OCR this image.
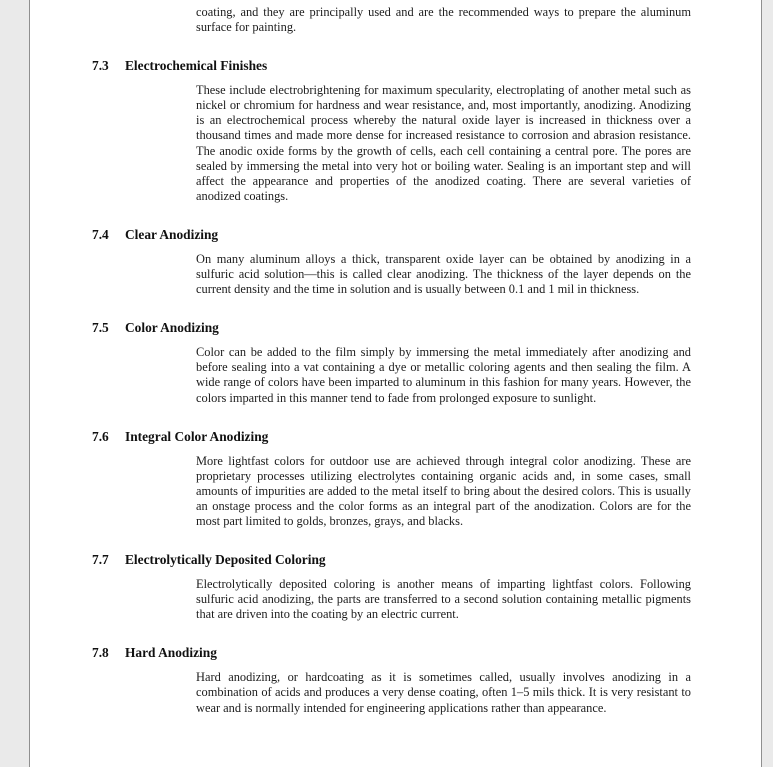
coating, and they are principally used and are the recommended ways to prepare the aluminum surface for painting.

7.3	Electrochemical Finishes

These include electrobrightening for maximum specularity, electroplating of another metal such as nickel or chromium for hardness and wear resistance, and, most importantly, anodizing. Anodizing is an electrochemical process whereby the natural oxide layer is increased in thickness over a thousand times and made more dense for increased resistance to corrosion and abrasion resistance. The anodic oxide forms by the growth of cells, each cell containing a central pore. The pores are sealed by immersing the metal into very hot or boiling water. Sealing is an important step and will affect the appearance and properties of the anodized coating. There are several varieties of anodized coatings.

7.4	Clear Anodizing

On many aluminum alloys a thick, transparent oxide layer can be obtained by anodizing in a sulfuric acid solution—this is called clear anodizing. The thickness of the layer depends on the current density and the time in solution and is usually between 0.1 and 1 mil in thickness.

7.5	Color Anodizing

Color can be added to the film simply by immersing the metal immediately after anodizing and before sealing into a vat containing a dye or metallic coloring agents and then sealing the film. A wide range of colors have been imparted to aluminum in this fashion for many years. However, the colors imparted in this manner tend to fade from prolonged exposure to sunlight.

7.6	Integral Color Anodizing

More lightfast colors for outdoor use are achieved through integral color anodizing. These are proprietary processes utilizing electrolytes containing organic acids and, in some cases, small amounts of impurities are added to the metal itself to bring about the desired colors. This is usually an onstage process and the color forms as an integral part of the anodization. Colors are for the most part limited to golds, bronzes, grays, and blacks.

7.7	Electrolytically Deposited Coloring

Electrolytically deposited coloring is another means of imparting lightfast colors. Following sulfuric acid anodizing, the parts are transferred to a second solution containing metallic pigments that are driven into the coating by an electric current.

7.8	Hard Anodizing

Hard anodizing, or hardcoating as it is sometimes called, usually involves anodizing in a combination of acids and produces a very dense coating, often 1–5 mils thick. It is very resistant to wear and is normally intended for engineering applications rather than appearance.
